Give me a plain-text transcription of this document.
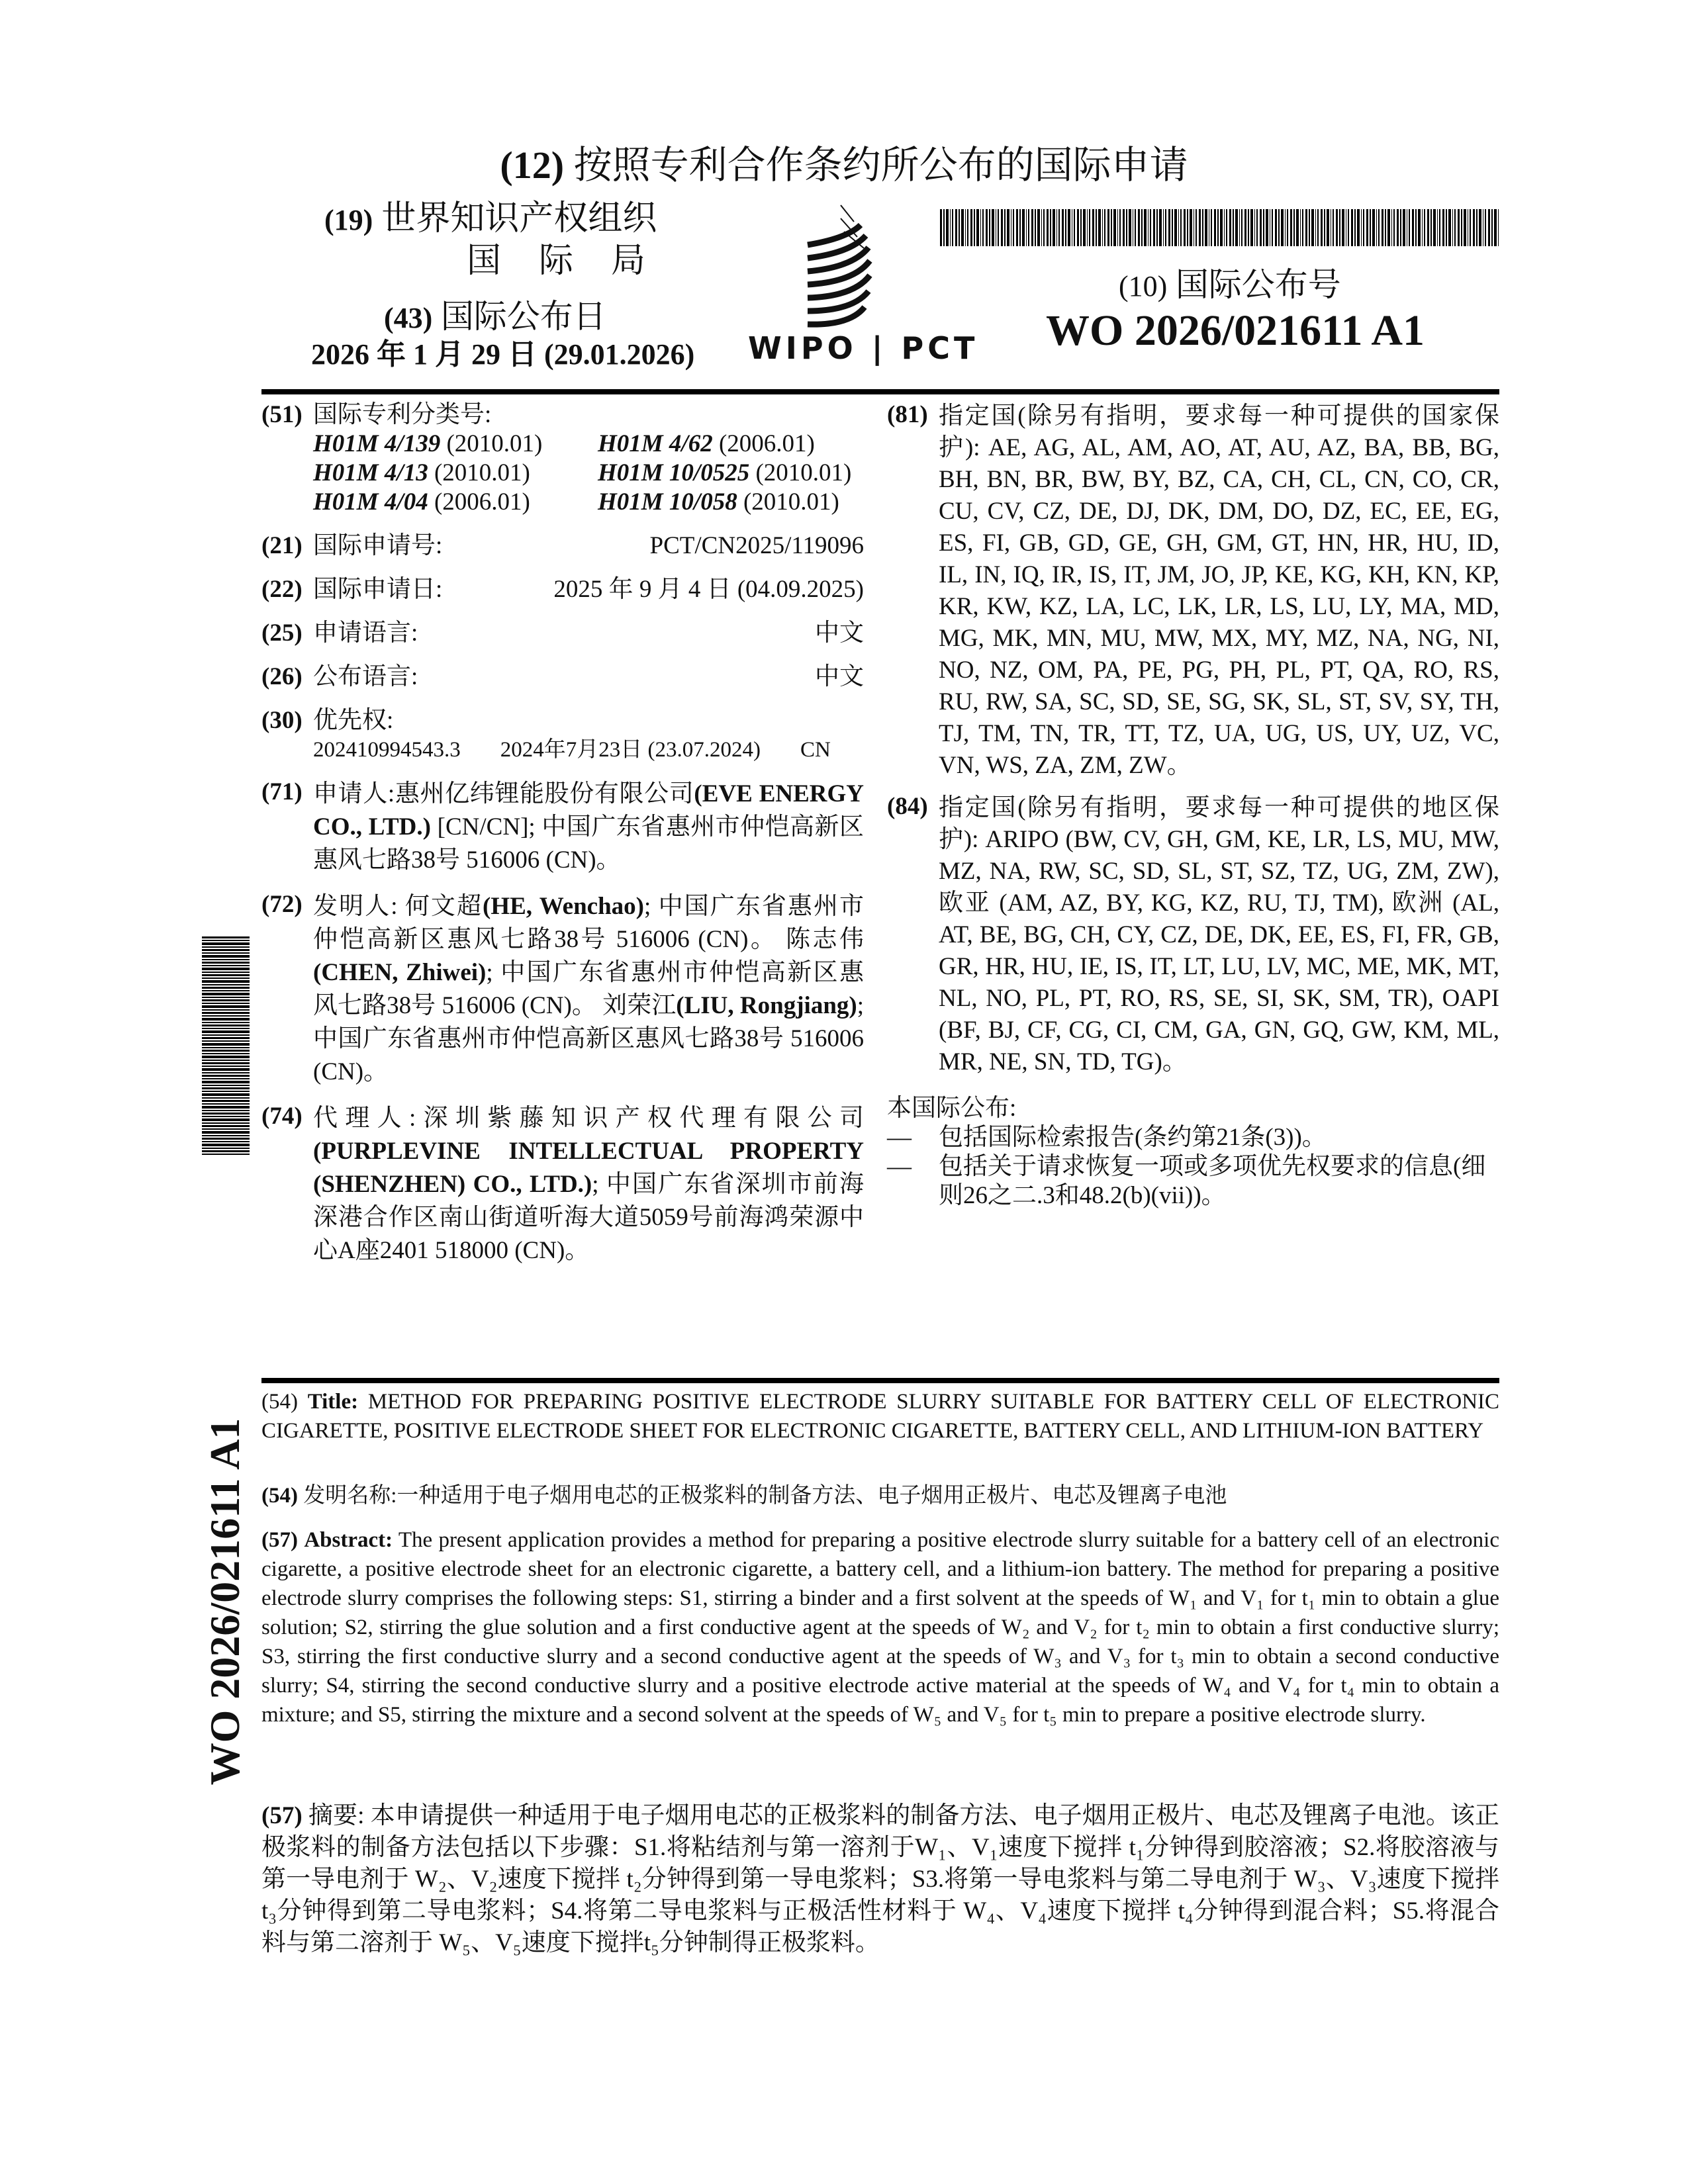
(12) 按照专利合作条约所公布的国际申请
(19) 世界知识产权组织
国 际 局
(43) 国际公布日
2026 年 1 月 29 日 (29.01.2026) WIPO | PCT
(10) 国际公布号
WO 2026/021611 A1
(51) 国际专利分类号:
H01M 4/139 (2010.01)	H01M 4/62 (2006.01)
H01M 4/13 (2010.01)	H01M 10/0525 (2010.01)
H01M 4/04 (2006.01)	H01M 10/058 (2010.01)
(21) 国际申请号:	PCT/CN2025/119096
(22) 国际申请日:	2025 年 9 月 4 日 (04.09.2025)
(25) 申请语言:	中文
(26) 公布语言:	中文
(30) 优先权:
202410994543.3 2024年7月23日 (23.07.2024) CN
(71) 申请人:惠州亿纬锂能股份有限公司(EVE ENERGY CO., LTD.) [CN/CN]; 中国广东省惠州市仲恺高新区惠风七路38号 516006 (CN)。
(72) 发明人: 何文超(HE, Wenchao); 中国广东省惠州市仲恺高新区惠风七路38号 516006 (CN)。 陈志伟(CHEN, Zhiwei); 中国广东省惠州市仲恺高新区惠风七路38号 516006 (CN)。 刘荣江(LIU, Rongjiang); 中国广东省惠州市仲恺高新区惠风七路38号 516006 (CN)。
(74) 代理人:深圳紫藤知识产权代理有限公司(PURPLEVINE INTELLECTUAL PROPERTY (SHENZHEN) CO., LTD.); 中国广东省深圳市前海深港合作区南山街道听海大道5059号前海鸿荣源中心A座2401 518000 (CN)。
(81) 指定国(除另有指明，要求每一种可提供的国家保护): AE, AG, AL, AM, AO, AT, AU, AZ, BA, BB, BG, BH, BN, BR, BW, BY, BZ, CA, CH, CL, CN, CO, CR, CU, CV, CZ, DE, DJ, DK, DM, DO, DZ, EC, EE, EG, ES, FI, GB, GD, GE, GH, GM, GT, HN, HR, HU, ID, IL, IN, IQ, IR, IS, IT, JM, JO, JP, KE, KG, KH, KN, KP, KR, KW, KZ, LA, LC, LK, LR, LS, LU, LY, MA, MD, MG, MK, MN, MU, MW, MX, MY, MZ, NA, NG, NI, NO, NZ, OM, PA, PE, PG, PH, PL, PT, QA, RO, RS, RU, RW, SA, SC, SD, SE, SG, SK, SL, ST, SV, SY, TH, TJ, TM, TN, TR, TT, TZ, UA, UG, US, UY, UZ, VC, VN, WS, ZA, ZM, ZW。
(84) 指定国(除另有指明，要求每一种可提供的地区保护): ARIPO (BW, CV, GH, GM, KE, LR, LS, MU, MW, MZ, NA, RW, SC, SD, SL, ST, SZ, TZ, UG, ZM, ZW), 欧亚 (AM, AZ, BY, KG, KZ, RU, TJ, TM), 欧洲 (AL, AT, BE, BG, CH, CY, CZ, DE, DK, EE, ES, FI, FR, GB, GR, HR, HU, IE, IS, IT, LT, LU, LV, MC, ME, MK, MT, NL, NO, PL, PT, RO, RS, SE, SI, SK, SM, TR), OAPI (BF, BJ, CF, CG, CI, CM, GA, GN, GQ, GW, KM, ML, MR, NE, SN, TD, TG)。
本国际公布:
—	包括国际检索报告(条约第21条(3))。
—	包括关于请求恢复一项或多项优先权要求的信息(细则26之二.3和48.2(b)(vii))。
(54) Title: METHOD FOR PREPARING POSITIVE ELECTRODE SLURRY SUITABLE FOR BATTERY CELL OF ELECTRONIC CIGARETTE, POSITIVE ELECTRODE SHEET FOR ELECTRONIC CIGARETTE, BATTERY CELL, AND LITHIUM-ION BATTERY
(54) 发明名称:一种适用于电子烟用电芯的正极浆料的制备方法、电子烟用正极片、电芯及锂离子电池
(57) Abstract: The present application provides a method for preparing a positive electrode slurry suitable for a battery cell of an electronic cigarette, a positive electrode sheet for an electronic cigarette, a battery cell, and a lithium-ion battery. The method for preparing a positive electrode slurry comprises the following steps: S1, stirring a binder and a first solvent at the speeds of W₁ and V₁ for t₁ min to obtain a glue solution; S2, stirring the glue solution and a first conductive agent at the speeds of W₂ and V₂ for t₂ min to obtain a first conductive slurry; S3, stirring the first conductive slurry and a second conductive agent at the speeds of W₃ and V₃ for t₃ min to obtain a second conductive slurry; S4, stirring the second conductive slurry and a positive electrode active material at the speeds of W₄ and V₄ for t₄ min to obtain a mixture; and S5, stirring the mixture and a second solvent at the speeds of W₅ and V₅ for t₅ min to prepare a positive electrode slurry.
(57) 摘要: 本申请提供一种适用于电子烟用电芯的正极浆料的制备方法、电子烟用正极片、电芯及锂离子电池。该正极浆料的制备方法包括以下步骤：S1.将粘结剂与第一溶剂于W₁、V₁速度下搅拌 t₁分钟得到胶溶液；S2.将胶溶液与第一导电剂于 W₂、V₂速度下搅拌 t₂分钟得到第一导电浆料；S3.将第一导电浆料与第二导电剂于 W₃、V₃速度下搅拌t₃分钟得到第二导电浆料；S4.将第二导电浆料与正极活性材料于 W₄、V₄速度下搅拌 t₄分钟得到混合料；S5.将混合料与第二溶剂于 W₅、V₅速度下搅拌t₅分钟制得正极浆料。
WO 2026/021611 A1
